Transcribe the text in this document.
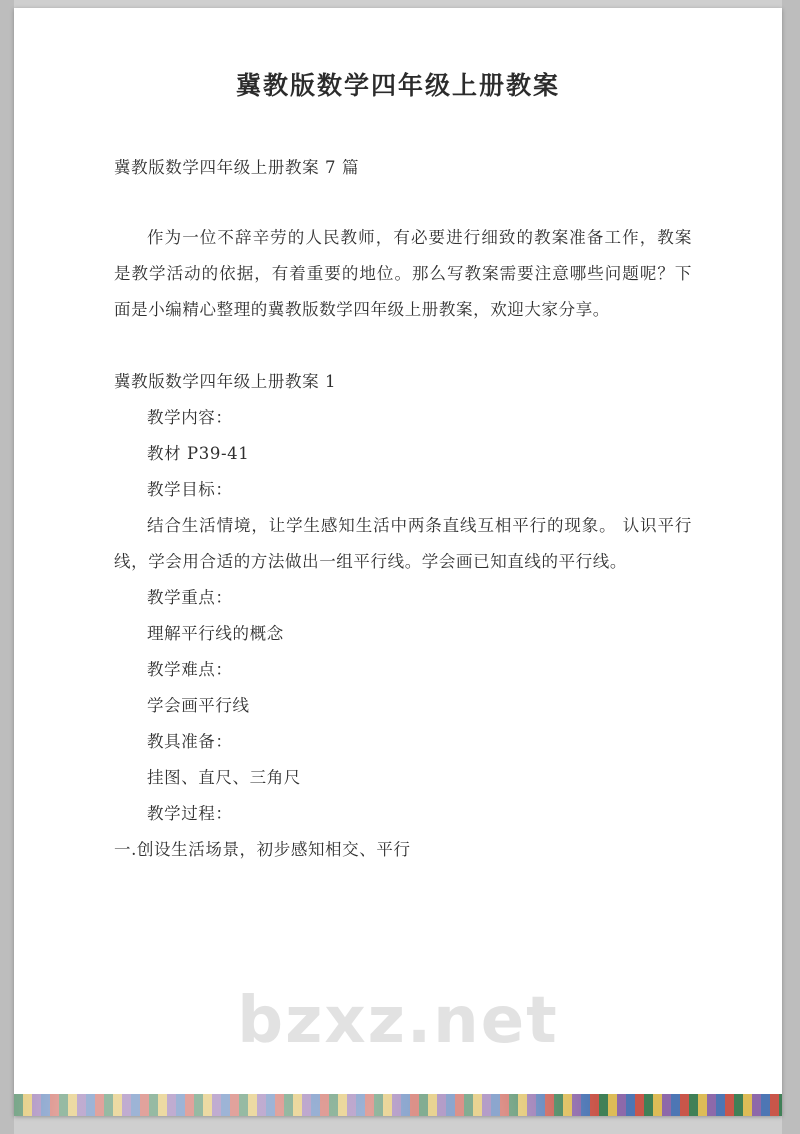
冀教版数学四年级上册教案

冀教版数学四年级上册教案 7 篇

作为一位不辞辛劳的人民教师，有必要进行细致的教案准备工作，教案是教学活动的依据，有着重要的地位。那么写教案需要注意哪些问题呢？下面是小编精心整理的冀教版数学四年级上册教案，欢迎大家分享。

冀教版数学四年级上册教案 1

教学内容：

教材 P39-41

教学目标：

结合生活情境，让学生感知生活中两条直线互相平行的现象。 认识平行线，学会用合适的方法做出一组平行线。学会画已知直线的平行线。

教学重点：

理解平行线的概念

教学难点：

学会画平行线

教具准备：

挂图、直尺、三角尺

教学过程：

一.创设生活场景，初步感知相交、平行

bzxz.net
